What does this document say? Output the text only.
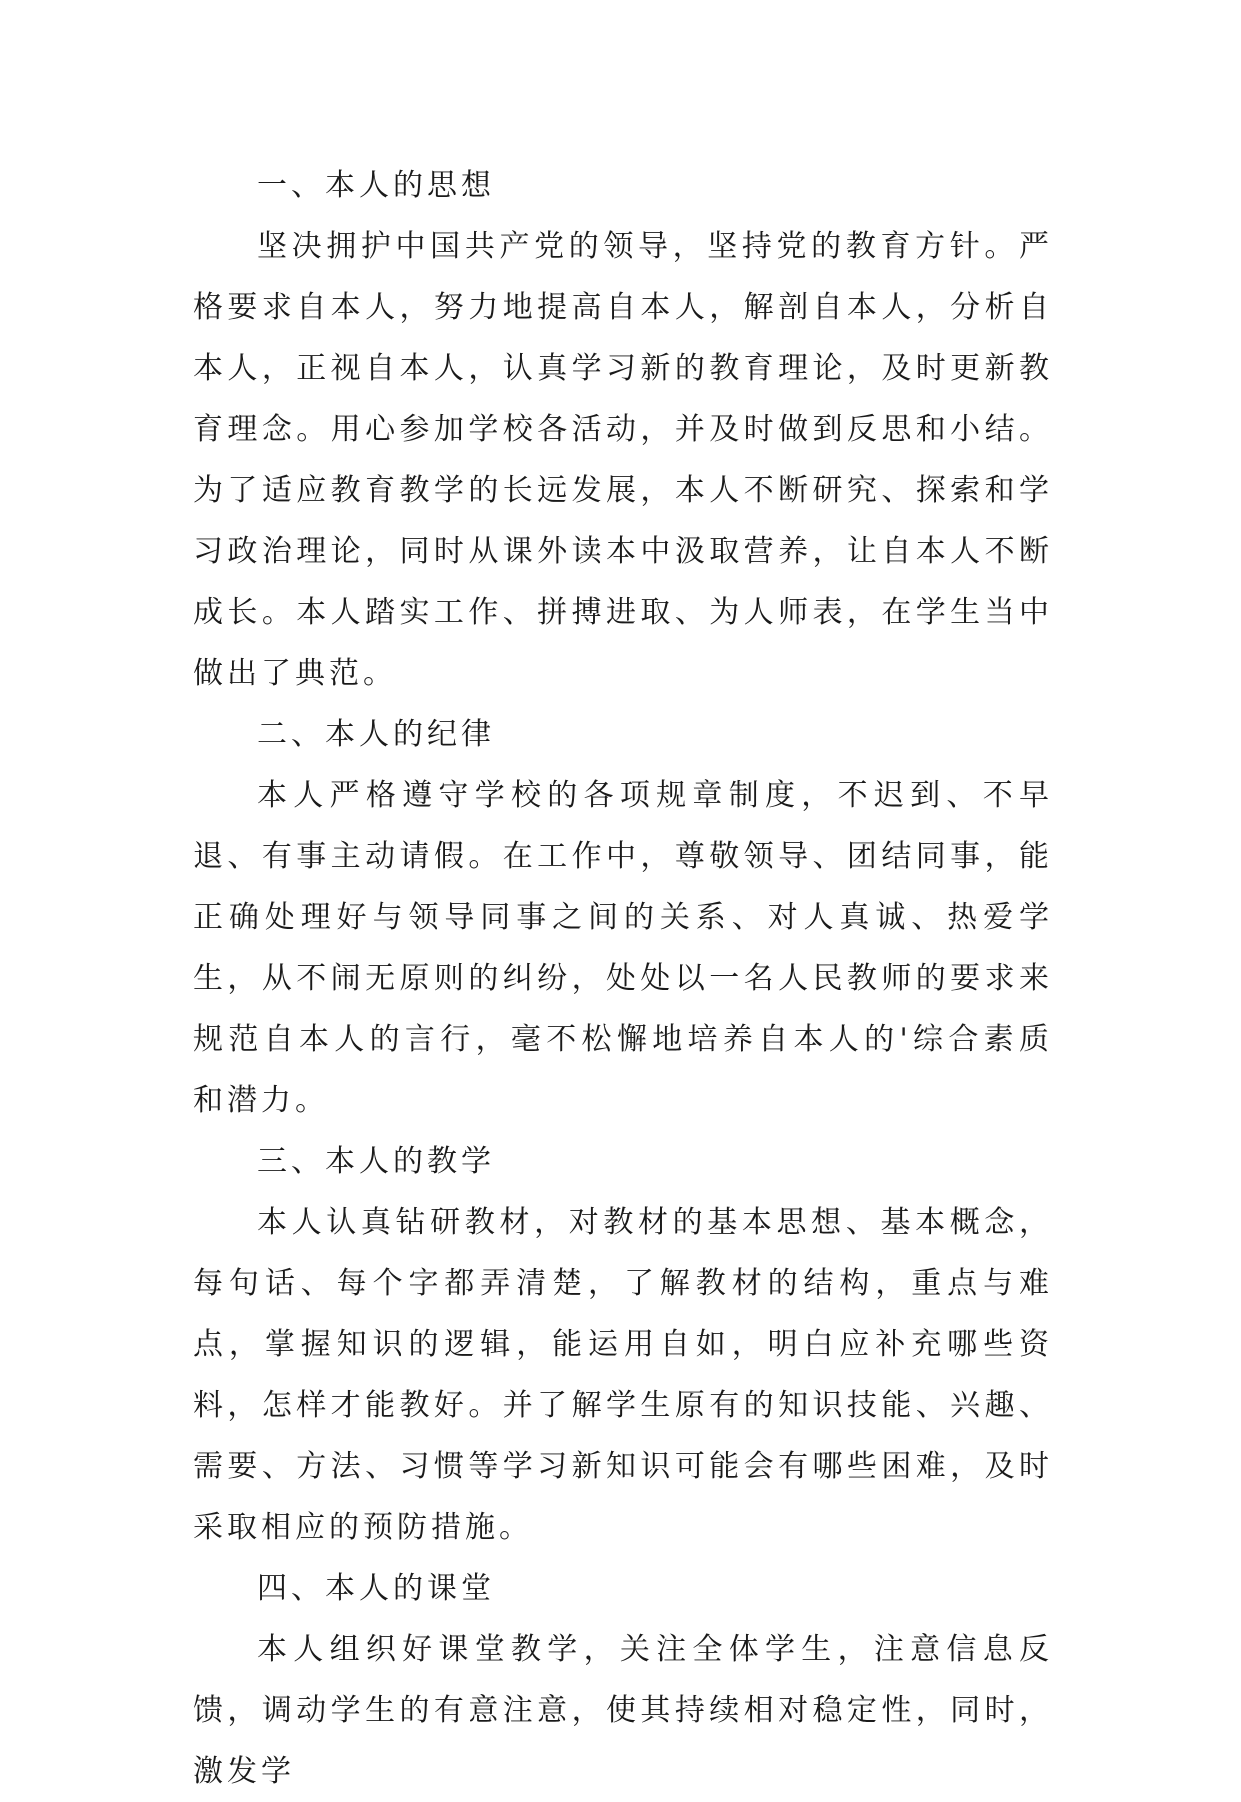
一、本人的思想

坚决拥护中国共产党的领导，坚持党的教育方针。严格要求自本人，努力地提高自本人，解剖自本人，分析自本人，正视自本人，认真学习新的教育理论，及时更新教育理念。用心参加学校各活动，并及时做到反思和小结。为了适应教育教学的长远发展，本人不断研究、探索和学习政治理论，同时从课外读本中汲取营养，让自本人不断成长。本人踏实工作、拼搏进取、为人师表，在学生当中做出了典范。

二、本人的纪律

本人严格遵守学校的各项规章制度，不迟到、不早退、有事主动请假。在工作中，尊敬领导、团结同事，能正确处理好与领导同事之间的关系、对人真诚、热爱学生，从不闹无原则的纠纷，处处以一名人民教师的要求来规范自本人的言行，毫不松懈地培养自本人的'综合素质和潜力。

三、本人的教学

本人认真钻研教材，对教材的基本思想、基本概念，每句话、每个字都弄清楚，了解教材的结构，重点与难点，掌握知识的逻辑，能运用自如，明白应补充哪些资料，怎样才能教好。并了解学生原有的知识技能、兴趣、需要、方法、习惯等学习新知识可能会有哪些困难，及时采取相应的预防措施。

四、本人的课堂

本人组织好课堂教学，关注全体学生，注意信息反馈，调动学生的有意注意，使其持续相对稳定性，同时，激发学
